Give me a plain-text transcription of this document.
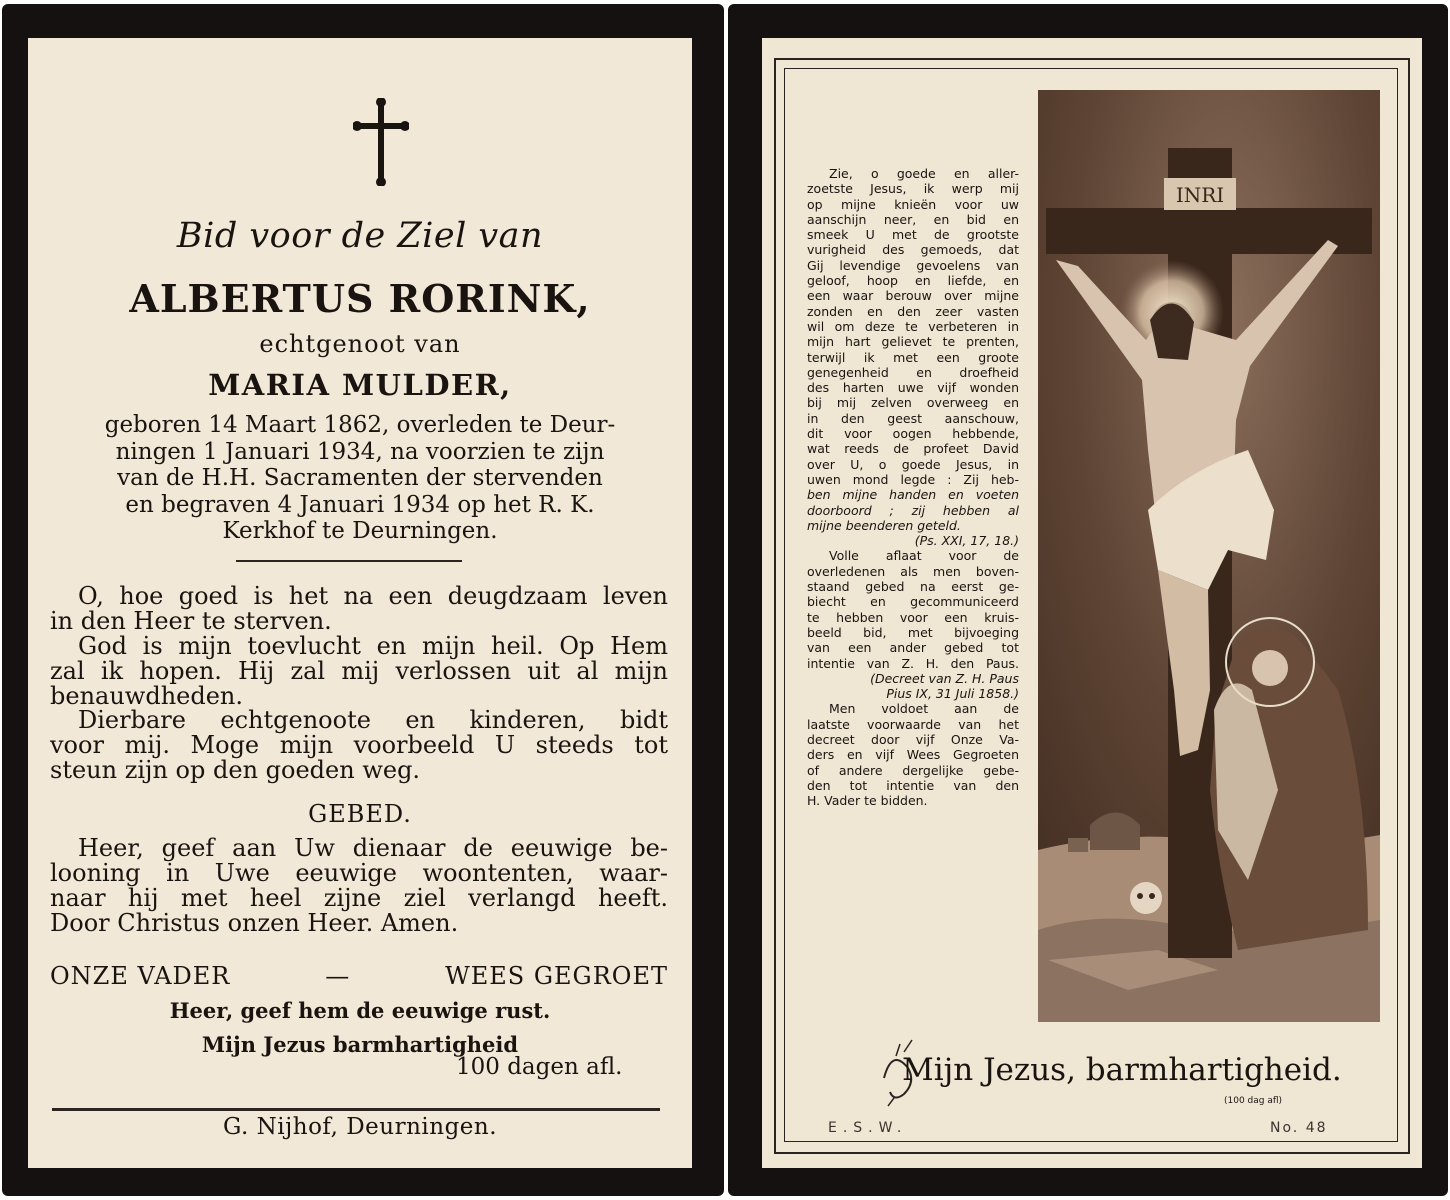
Bid voor de Ziel van
ALBERTUS RORINK,
echtgenoot van
MARIA MULDER,
geboren 14 Maart 1862, overleden te Deur-
ningen 1 Januari 1934, na voorzien te zijn
van de H.H. Sacramenten der stervenden
en begraven 4 Januari 1934 op het R. K.
Kerkhof te Deurningen.
O, hoe goed is het na een deugdzaam leven
in den Heer te sterven.
God is mijn toevlucht en mijn heil. Op Hem
zal ik hopen. Hij zal mij verlossen uit al mijn
benauwdheden.
Dierbare echtgenoote en kinderen, bidt
voor mij. Moge mijn voorbeeld U steeds tot
steun zijn op den goeden weg.
GEBED.
Heer, geef aan Uw dienaar de eeuwige be-
looning in Uwe eeuwige woontenten, waar-
naar hij met heel zijne ziel verlangd heeft.
Door Christus onzen Heer. Amen.
ONZE VADER	—	WEES GEGROET
Heer, geef hem de eeuwige rust.
Mijn Jezus barmhartigheid
100 dagen afl.
G. Nijhof, Deurningen.
Zie, o goede en aller-
zoetste Jesus, ik werp mij
op mijne knieën voor uw
aanschijn neer, en bid en
smeek U met de grootste
vurigheid des gemoeds, dat
Gij levendige gevoelens van
geloof, hoop en liefde, en
een waar berouw over mijne
zonden en den zeer vasten
wil om deze te verbeteren in
mijn hart gelievet te prenten,
terwijl ik met een groote
genegenheid en droefheid
des harten uwe vijf wonden
bij mij zelven overweeg en
in den geest aanschouw,
dit voor oogen hebbende,
wat reeds de profeet David
over U, o goede Jesus, in
uwen mond legde : Zij heb-
ben mijne handen en voeten
doorboord ; zij hebben al
mijne beenderen geteld.
(Ps. XXI, 17, 18.)
Volle aflaat voor de
overledenen als men boven-
staand gebed na eerst ge-
biecht en gecommuniceerd
te hebben voor een kruis-
beeld bid, met bijvoeging
van een ander gebed tot
intentie van Z. H. den Paus.
(Decreet van Z. H. Paus
Pius IX, 31 Juli 1858.)
Men voldoet aan de
laatste voorwaarde van het
decreet door vijf Onze Va-
ders en vijf Wees Gegroeten
of andere dergelijke gebe-
den tot intentie van den
H. Vader te bidden.
INRI
Mijn Jezus, barmhartigheid.
(100 dag afl)
E.S.W.	No. 48
